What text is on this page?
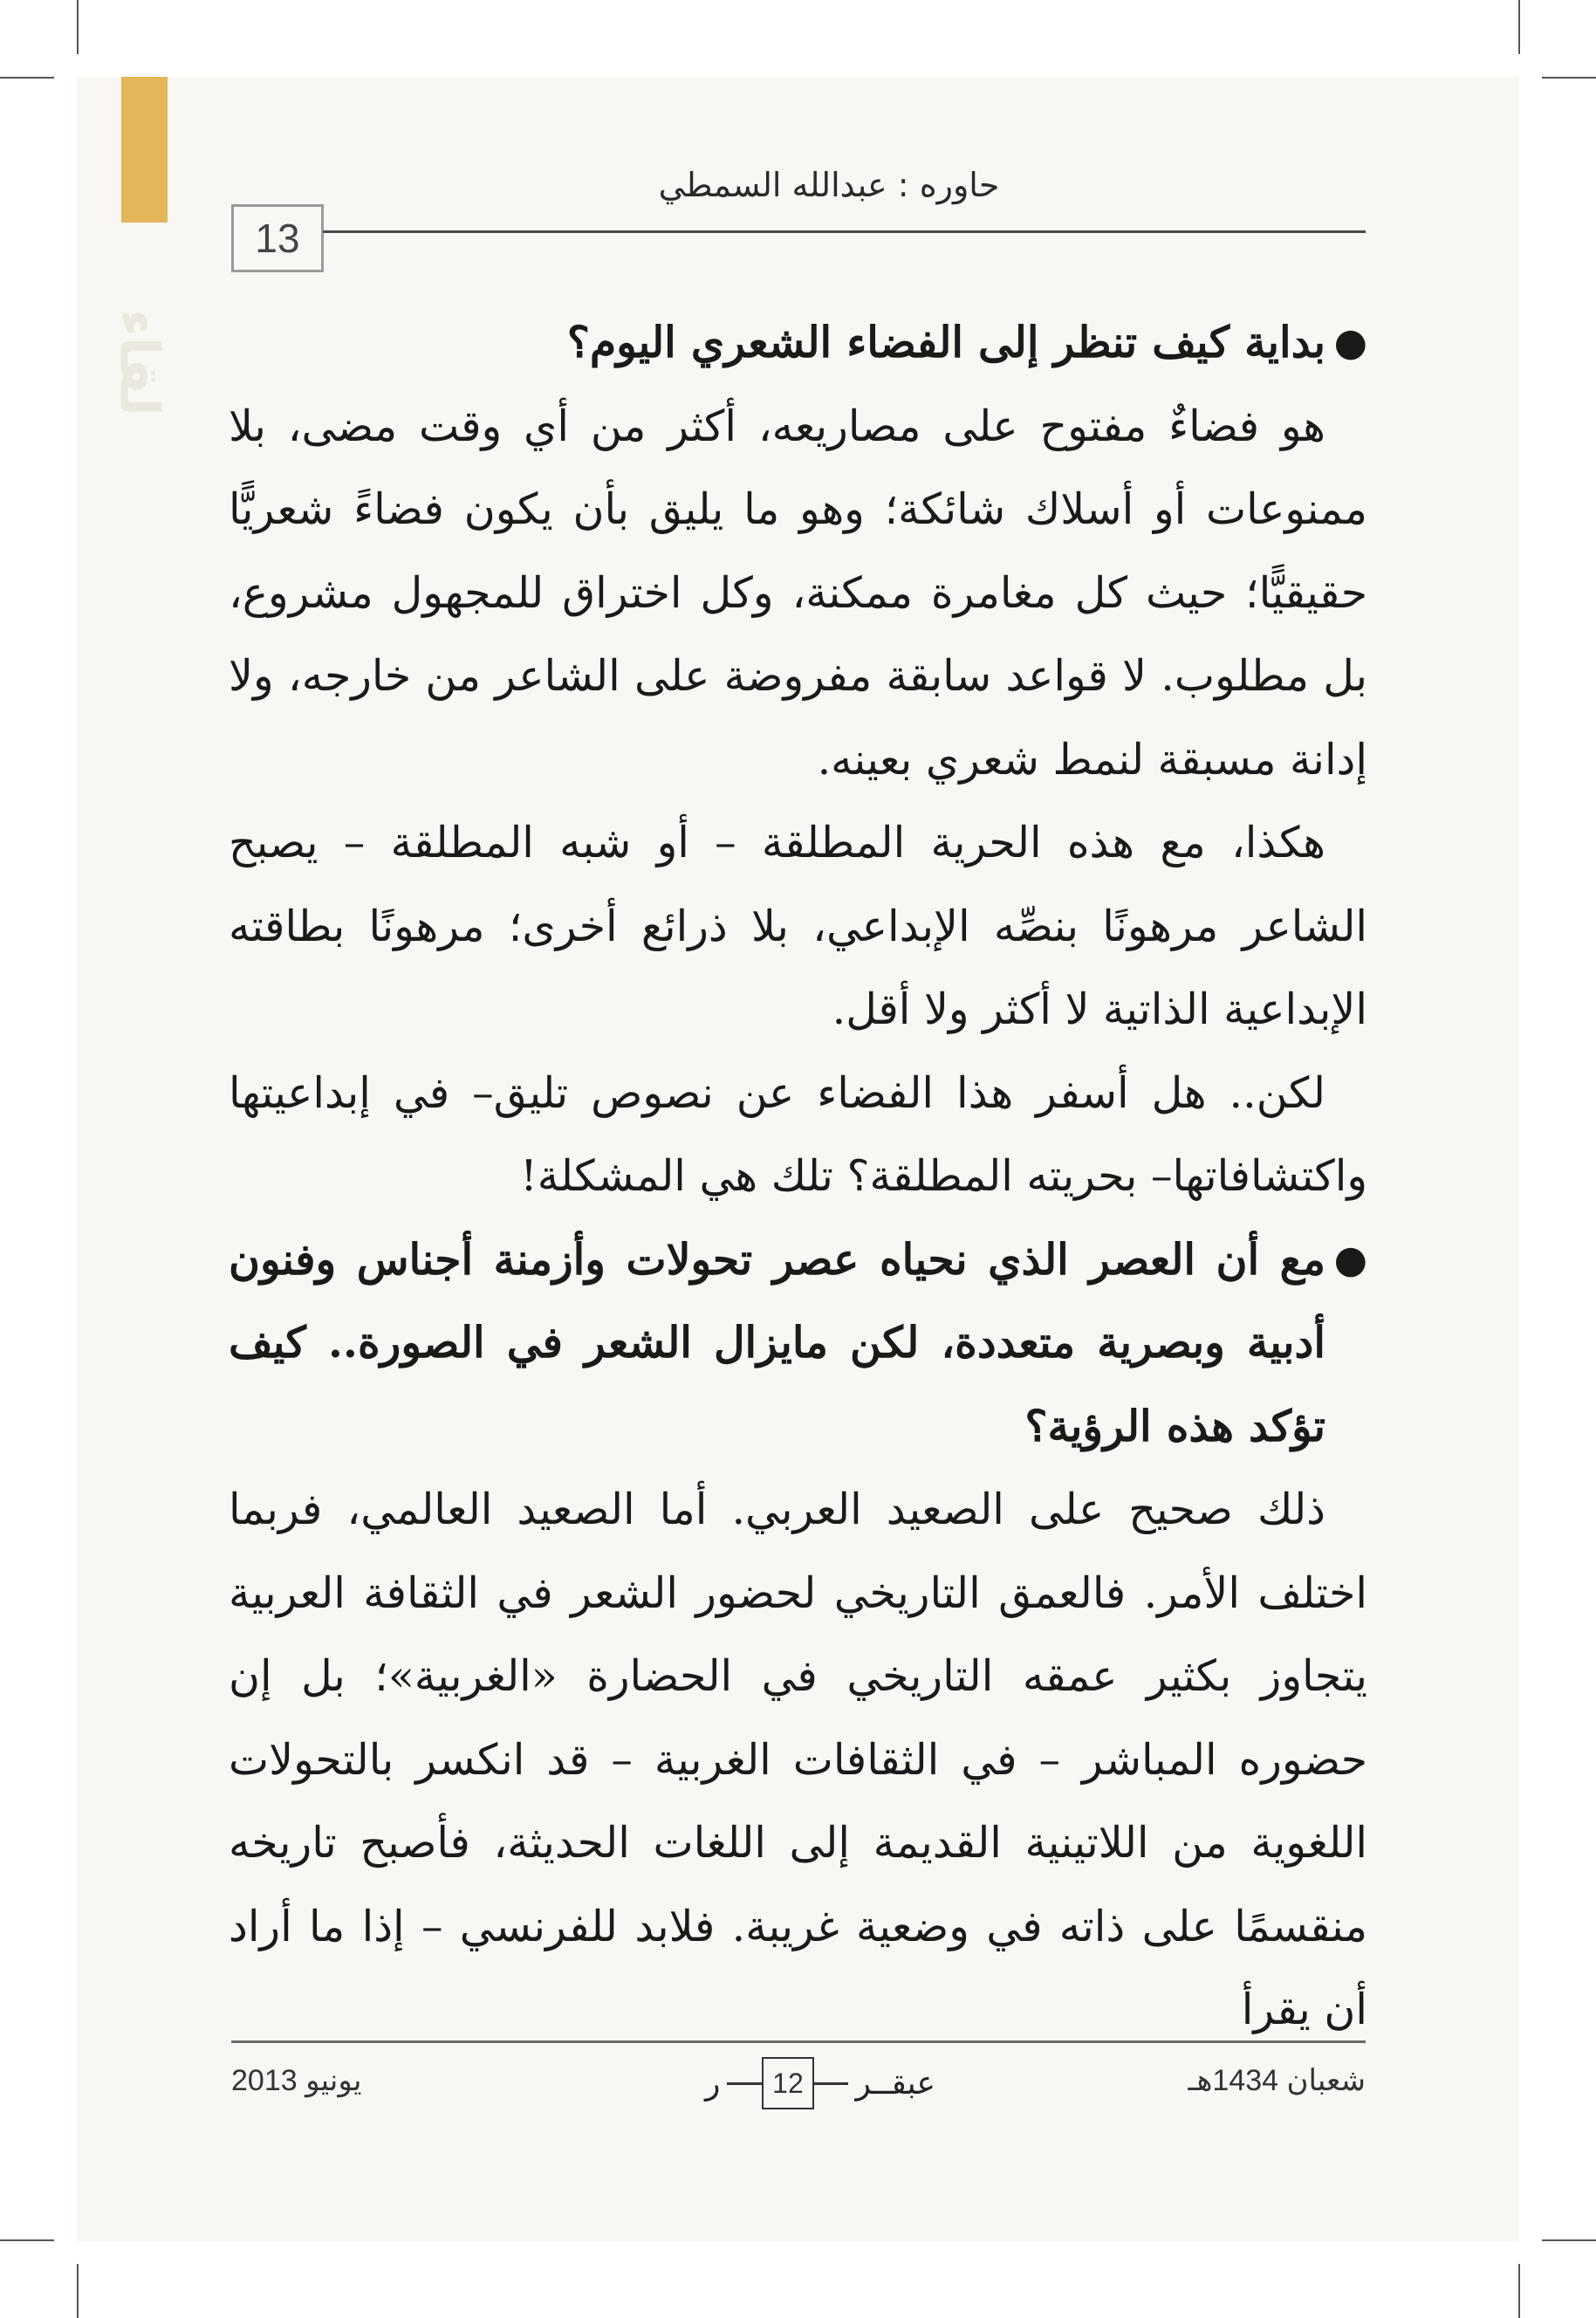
لقاء
13
حاوره : عبدالله السمطي

●
بداية كيف تنظر إلى الفضاء الشعري اليوم؟

هو فضاءٌ مفتوح على مصاريعه، أكثر من أي وقت مضى، بلا ممنوعات أو أسلاك شائكة؛ وهو ما يليق بأن يكون فضاءً شعريًّا حقيقيًّا؛ حيث كل مغامرة ممكنة، وكل اختراق للمجهول مشروع، بل مطلوب. لا قواعد سابقة مفروضة على الشاعر من خارجه، ولا إدانة مسبقة لنمط شعري بعينه.

هكذا، مع هذه الحرية المطلقة – أو شبه المطلقة – يصبح الشاعر مرهونًا بنصِّه الإبداعي، بلا ذرائع أخرى؛ مرهونًا بطاقته الإبداعية الذاتية لا أكثر ولا أقل.

لكن.. هل أسفر هذا الفضاء عن نصوص تليق– في إبداعيتها واكتشافاتها– بحريته المطلقة؟ تلك هي المشكلة!

●
مع أن العصر الذي نحياه عصر تحولات وأزمنة أجناس وفنون أدبية وبصرية متعددة، لكن مايزال الشعر في الصورة.. كيف تؤكد هذه الرؤية؟

ذلك صحيح على الصعيد العربي. أما الصعيد العالمي، فربما اختلف الأمر. فالعمق التاريخي لحضور الشعر في الثقافة العربية يتجاوز بكثير عمقه التاريخي في الحضارة «الغربية»؛ بل إن حضوره المباشر – في الثقافات الغربية – قد انكسر بالتحولات اللغوية من اللاتينية القديمة إلى اللغات الحديثة، فأصبح تاريخه منقسمًا على ذاته في وضعية غريبة. فلابد للفرنسي – إذا ما أراد أن يقرأ

شعبان 1434هـ
ر	12	عبقــر
يونيو 2013
